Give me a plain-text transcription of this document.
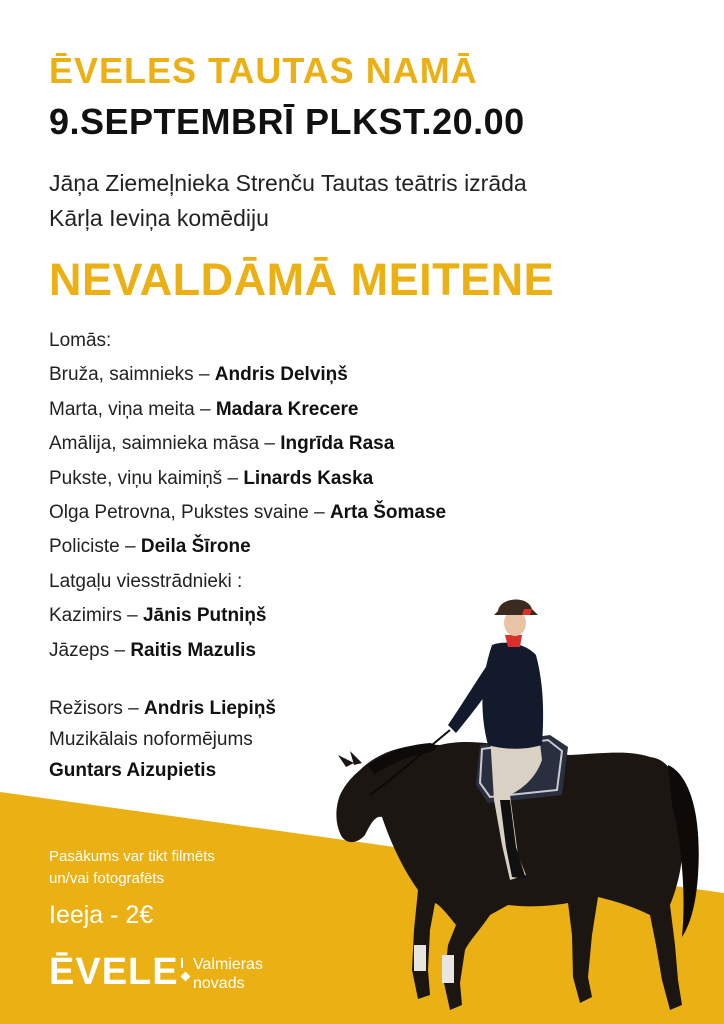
ĒVELES TAUTAS NAMĀ
9.SEPTEMBRĪ PLKST.20.00
Jāņa Ziemeļnieka Strenču Tautas teātris izrāda
Kārļa Ieviņa komēdiju
NEVALDĀMĀ MEITENE
Lomās:
Bruža, saimnieks – Andris Delviņš
Marta, viņa meita – Madara Krecere
Amālija, saimnieka māsa – Ingrīda Rasa
Pukste, viņu kaimiņš – Linards Kaska
Olga Petrovna, Pukstes svaine – Arta Šomase
Policiste – Deila Šīrone
Latgaļu viesstrādnieki :
Kazimirs – Jānis Putniņš
Jāzeps – Raitis Mazulis
Režisors – Andris Liepiņš
Muzikālais noformējums
Guntars Aizupietis
Pasākums var tikt filmēts
un/vai fotografēts
Ieeja - 2€
ĒVELE Valmieras
novads
